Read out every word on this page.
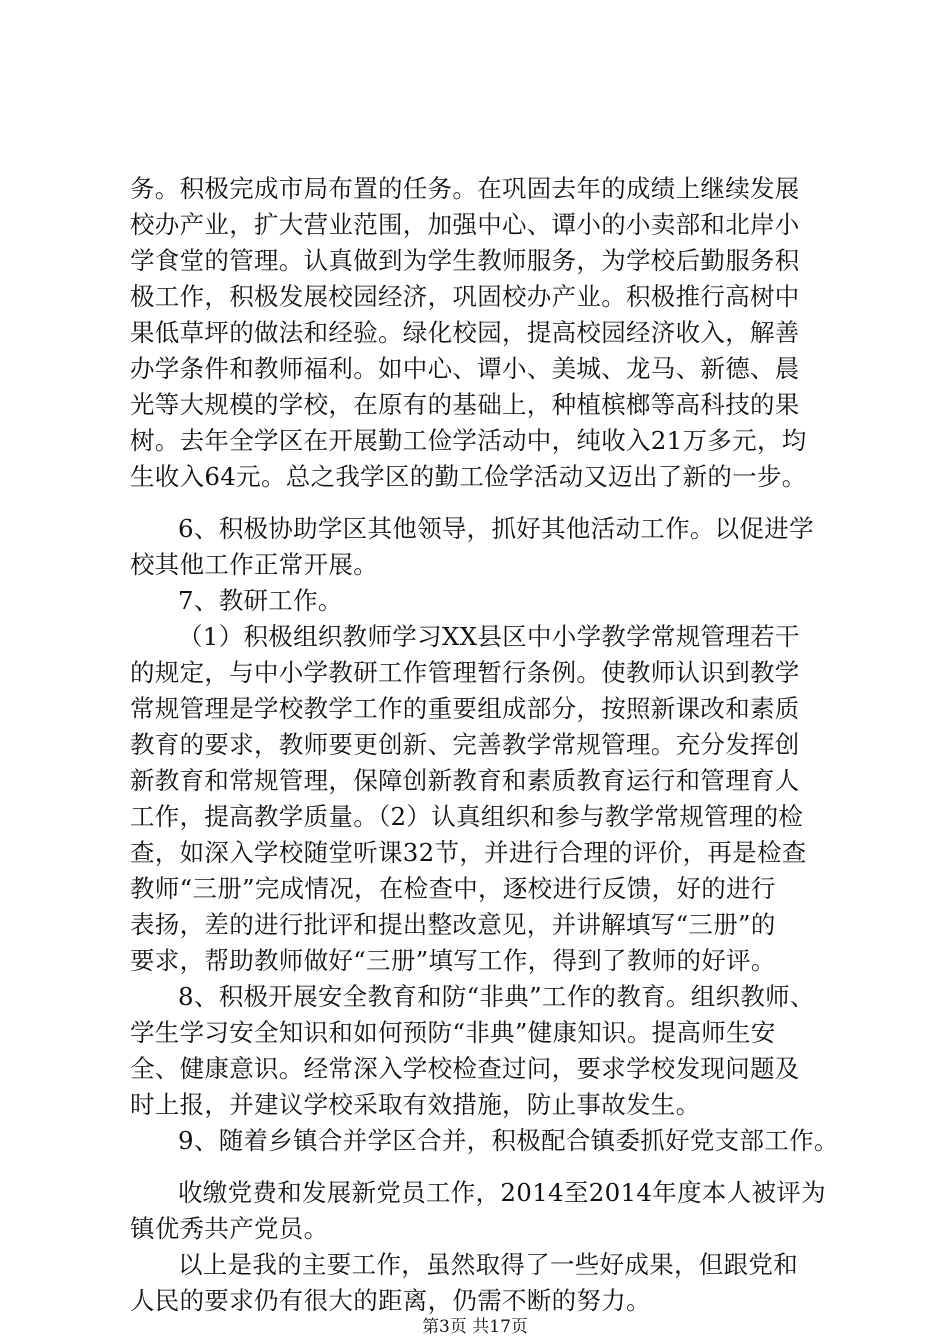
务。积极完成市局布置的任务。在巩固去年的成绩上继续发展
校办产业，扩大营业范围，加强中心、谭小的小卖部和北岸小
学食堂的管理。认真做到为学生教师服务，为学校后勤服务积
极工作，积极发展校园经济，巩固校办产业。积极推行高树中
果低草坪的做法和经验。绿化校园，提高校园经济收入，解善
办学条件和教师福利。如中心、谭小、美城、龙马、新德、晨
光等大规模的学校，在原有的基础上，种植槟榔等高科技的果
树。去年全学区在开展勤工俭学活动中，纯收入21万多元，均
生收入64元。总之我学区的勤工俭学活动又迈出了新的一步。
6、积极协助学区其他领导，抓好其他活动工作。以促进学
校其他工作正常开展。
7、教研工作。
（1）积极组织教师学习XX县区中小学教学常规管理若干
的规定，与中小学教研工作管理暂行条例。使教师认识到教学
常规管理是学校教学工作的重要组成部分，按照新课改和素质
教育的要求，教师要更创新、完善教学常规管理。充分发挥创
新教育和常规管理，保障创新教育和素质教育运行和管理育人
工作，提高教学质量。（2）认真组织和参与教学常规管理的检
查，如深入学校随堂听课32节，并进行合理的评价，再是检查
教师“三册”完成情况，在检查中，逐校进行反馈，好的进行
表扬，差的进行批评和提出整改意见，并讲解填写“三册”的
要求，帮助教师做好“三册”填写工作，得到了教师的好评。
8、积极开展安全教育和防“非典”工作的教育。组织教师、
学生学习安全知识和如何预防“非典”健康知识。提高师生安
全、健康意识。经常深入学校检查过问，要求学校发现问题及
时上报，并建议学校采取有效措施，防止事故发生。
9、随着乡镇合并学区合并，积极配合镇委抓好党支部工作。
收缴党费和发展新党员工作，2014至2014年度本人被评为
镇优秀共产党员。
以上是我的主要工作，虽然取得了一些好成果，但跟党和
人民的要求仍有很大的距离，仍需不断的努力。
第3页 共17页
